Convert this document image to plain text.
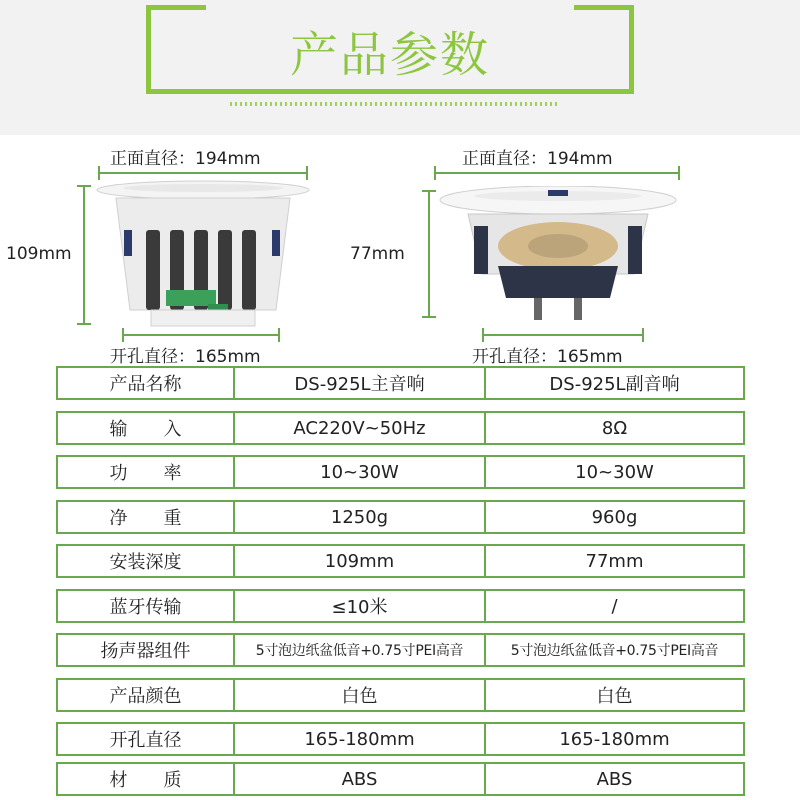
产品参数
正面直径：194mm
109mm
开孔直径：165mm
正面直径：194mm
77mm
开孔直径：165mm
产品名称	DS-925L主音响	DS-925L副音响
输　　入	AC220V~50Hz	8Ω
功　　率	10~30W	10~30W
净　　重	1250g	960g
安装深度	109mm	77mm
蓝牙传输	≤10米	/
扬声器组件	5寸泡边纸盆低音+0.75寸PEI高音	5寸泡边纸盆低音+0.75寸PEI高音
产品颜色	白色	白色
开孔直径	165-180mm	165-180mm
材　　质	ABS	ABS
